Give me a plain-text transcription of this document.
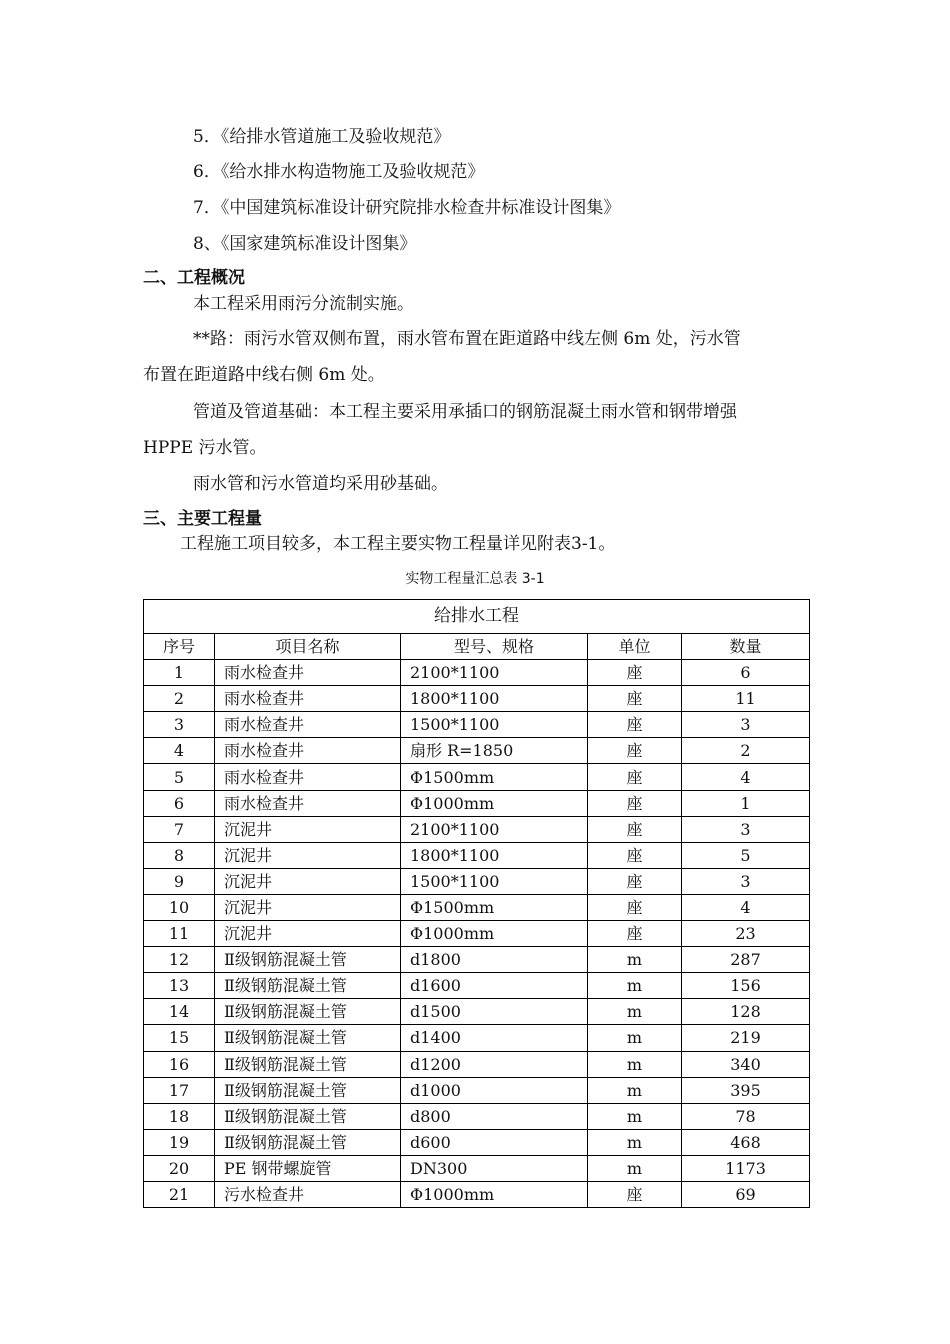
5．《给排水管道施工及验收规范》
6．《给水排水构造物施工及验收规范》
7．《中国建筑标准设计研究院排水检查井标准设计图集》
8、《国家建筑标准设计图集》
二、工程概况
本工程采用雨污分流制实施。
**路：雨污水管双侧布置，雨水管布置在距道路中线左侧 6m 处，污水管
布置在距道路中线右侧 6m 处。
管道及管道基础：本工程主要采用承插口的钢筋混凝土雨水管和钢带增强
HPPE 污水管。
雨水管和污水管道均采用砂基础。
三、主要工程量
工程施工项目较多，本工程主要实物工程量详见附表3-1。
实物工程量汇总表 3-1
给排水工程				
序号	项目名称	型号、规格	单位	数量
1	雨水检查井	2100*1100	座	6
2	雨水检查井	1800*1100	座	11
3	雨水检查井	1500*1100	座	3
4	雨水检查井	扇形 R=1850	座	2
5	雨水检查井	Φ1500mm	座	4
6	雨水检查井	Φ1000mm	座	1
7	沉泥井	2100*1100	座	3
8	沉泥井	1800*1100	座	5
9	沉泥井	1500*1100	座	3
10	沉泥井	Φ1500mm	座	4
11	沉泥井	Φ1000mm	座	23
12	Ⅱ级钢筋混凝土管	d1800	m	287
13	Ⅱ级钢筋混凝土管	d1600	m	156
14	Ⅱ级钢筋混凝土管	d1500	m	128
15	Ⅱ级钢筋混凝土管	d1400	m	219
16	Ⅱ级钢筋混凝土管	d1200	m	340
17	Ⅱ级钢筋混凝土管	d1000	m	395
18	Ⅱ级钢筋混凝土管	d800	m	78
19	Ⅱ级钢筋混凝土管	d600	m	468
20	PE 钢带螺旋管	DN300	m	1173
21	污水检查井	Φ1000mm	座	69
